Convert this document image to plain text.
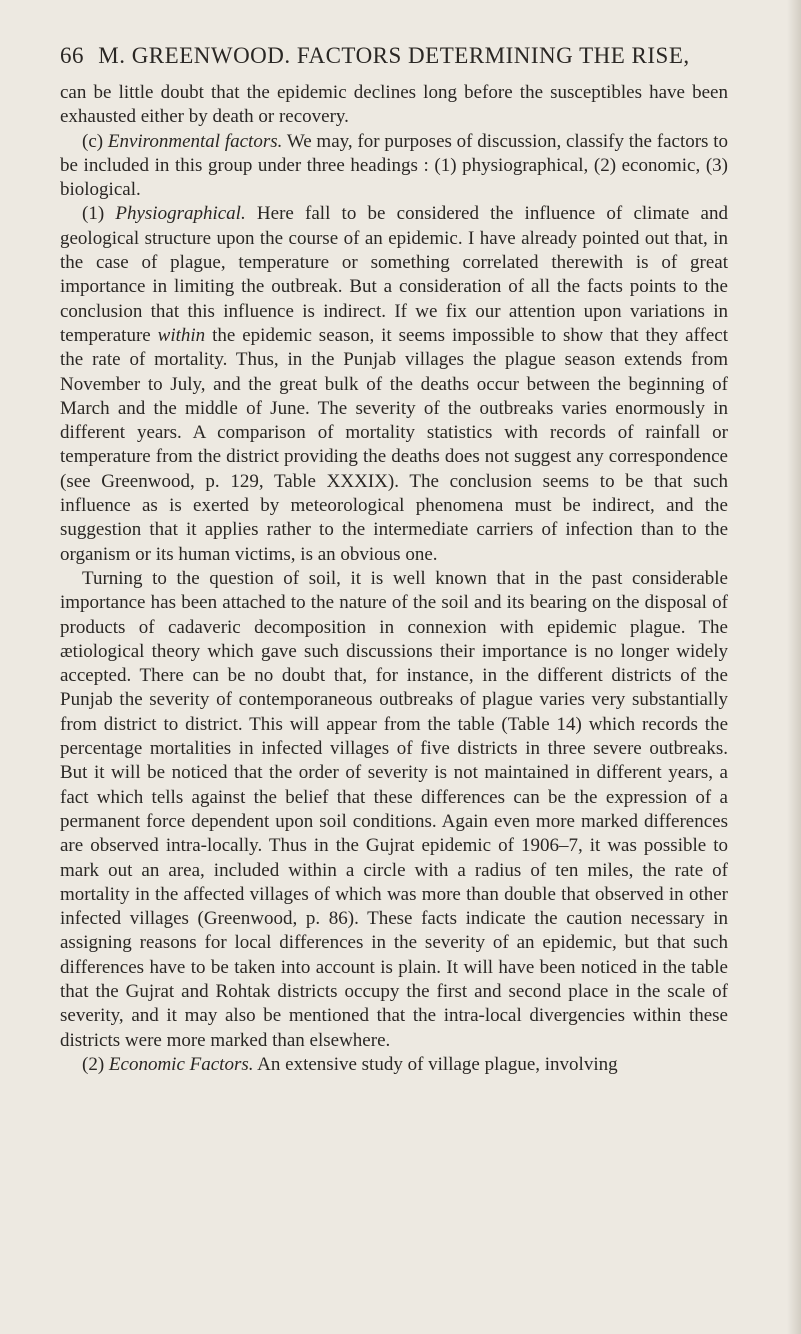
66 M. GREENWOOD. FACTORS DETERMINING THE RISE,

can be little doubt that the epidemic declines long before the susceptibles have been exhausted either by death or recovery.

(c) Environmental factors. We may, for purposes of discussion, classify the factors to be included in this group under three headings : (1) physiographical, (2) economic, (3) biological.

(1) Physiographical. Here fall to be considered the influence of climate and geological structure upon the course of an epidemic. I have already pointed out that, in the case of plague, temperature or something correlated therewith is of great importance in limiting the outbreak. But a consideration of all the facts points to the conclusion that this influence is indirect. If we fix our attention upon variations in temperature within the epidemic season, it seems impossible to show that they affect the rate of mortality. Thus, in the Punjab villages the plague season extends from November to July, and the great bulk of the deaths occur between the beginning of March and the middle of June. The severity of the outbreaks varies enormously in different years. A comparison of mortality statistics with records of rainfall or temperature from the district providing the deaths does not suggest any correspondence (see Greenwood, p. 129, Table XXXIX). The conclusion seems to be that such influence as is exerted by meteorological phenomena must be indirect, and the suggestion that it applies rather to the intermediate carriers of infection than to the organism or its human victims, is an obvious one.

Turning to the question of soil, it is well known that in the past considerable importance has been attached to the nature of the soil and its bearing on the disposal of products of cadaveric decomposition in connexion with epidemic plague. The ætiological theory which gave such discussions their importance is no longer widely accepted. There can be no doubt that, for instance, in the different districts of the Punjab the severity of contemporaneous outbreaks of plague varies very substantially from district to district. This will appear from the table (Table 14) which records the percentage mortalities in infected villages of five districts in three severe outbreaks. But it will be noticed that the order of severity is not maintained in different years, a fact which tells against the belief that these differences can be the expression of a permanent force dependent upon soil conditions. Again even more marked differences are observed intra-locally. Thus in the Gujrat epidemic of 1906–7, it was possible to mark out an area, included within a circle with a radius of ten miles, the rate of mortality in the affected villages of which was more than double that observed in other infected villages (Greenwood, p. 86). These facts indicate the caution necessary in assigning reasons for local differences in the severity of an epidemic, but that such differences have to be taken into account is plain. It will have been noticed in the table that the Gujrat and Rohtak districts occupy the first and second place in the scale of severity, and it may also be mentioned that the intra-local divergencies within these districts were more marked than elsewhere.

(2) Economic Factors. An extensive study of village plague, involving
